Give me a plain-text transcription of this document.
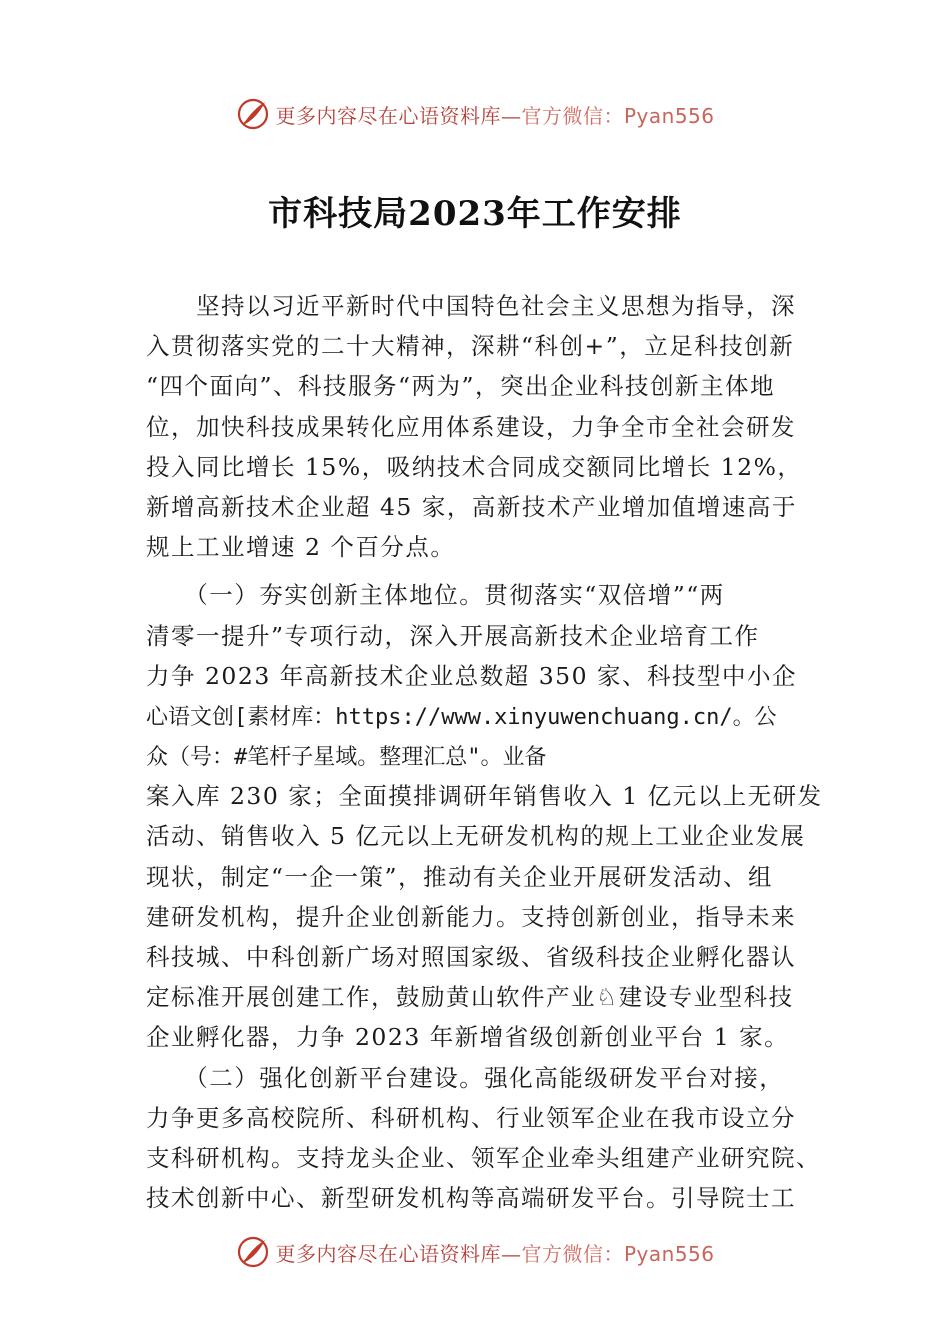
更多内容尽在心语资料库—官方微信：Pyan556
市科技局2023年工作安排
　　坚持以习近平新时代中国特色社会主义思想为指导，深
入贯彻落实党的二十大精神，深耕“科创+”，立足科技创新
“四个面向”、科技服务“两为”，突出企业科技创新主体地
位，加快科技成果转化应用体系建设，力争全市全社会研发
投入同比增长 15%，吸纳技术合同成交额同比增长 12%，
新增高新技术企业超 45 家，高新技术产业增加值增速高于
规上工业增速 2 个百分点。
　　（一）夯实创新主体地位。贯彻落实“双倍增”“两
清零一提升”专项行动，深入开展高新技术企业培育工作
力争 2023 年高新技术企业总数超 350 家、科技型中小企
心语文创[素材库：https://www.xinyuwenchuang.cn/。公
众（号：#笔杆子星域。整理汇总"。业备
案入库 230 家；全面摸排调研年销售收入 1 亿元以上无研发
活动、销售收入 5 亿元以上无研发机构的规上工业企业发展
现状，制定“一企一策”，推动有关企业开展研发活动、组
建研发机构，提升企业创新能力。支持创新创业，指导未来
科技城、中科创新广场对照国家级、省级科技企业孵化器认
定标准开展创建工作，鼓励黄山软件产业♘建设专业型科技
企业孵化器，力争 2023 年新增省级创新创业平台 1 家。
　　（二）强化创新平台建设。强化高能级研发平台对接，
力争更多高校院所、科研机构、行业领军企业在我市设立分
支科研机构。支持龙头企业、领军企业牵头组建产业研究院、
技术创新中心、新型研发机构等高端研发平台。引导院士工
更多内容尽在心语资料库—官方微信：Pyan556
